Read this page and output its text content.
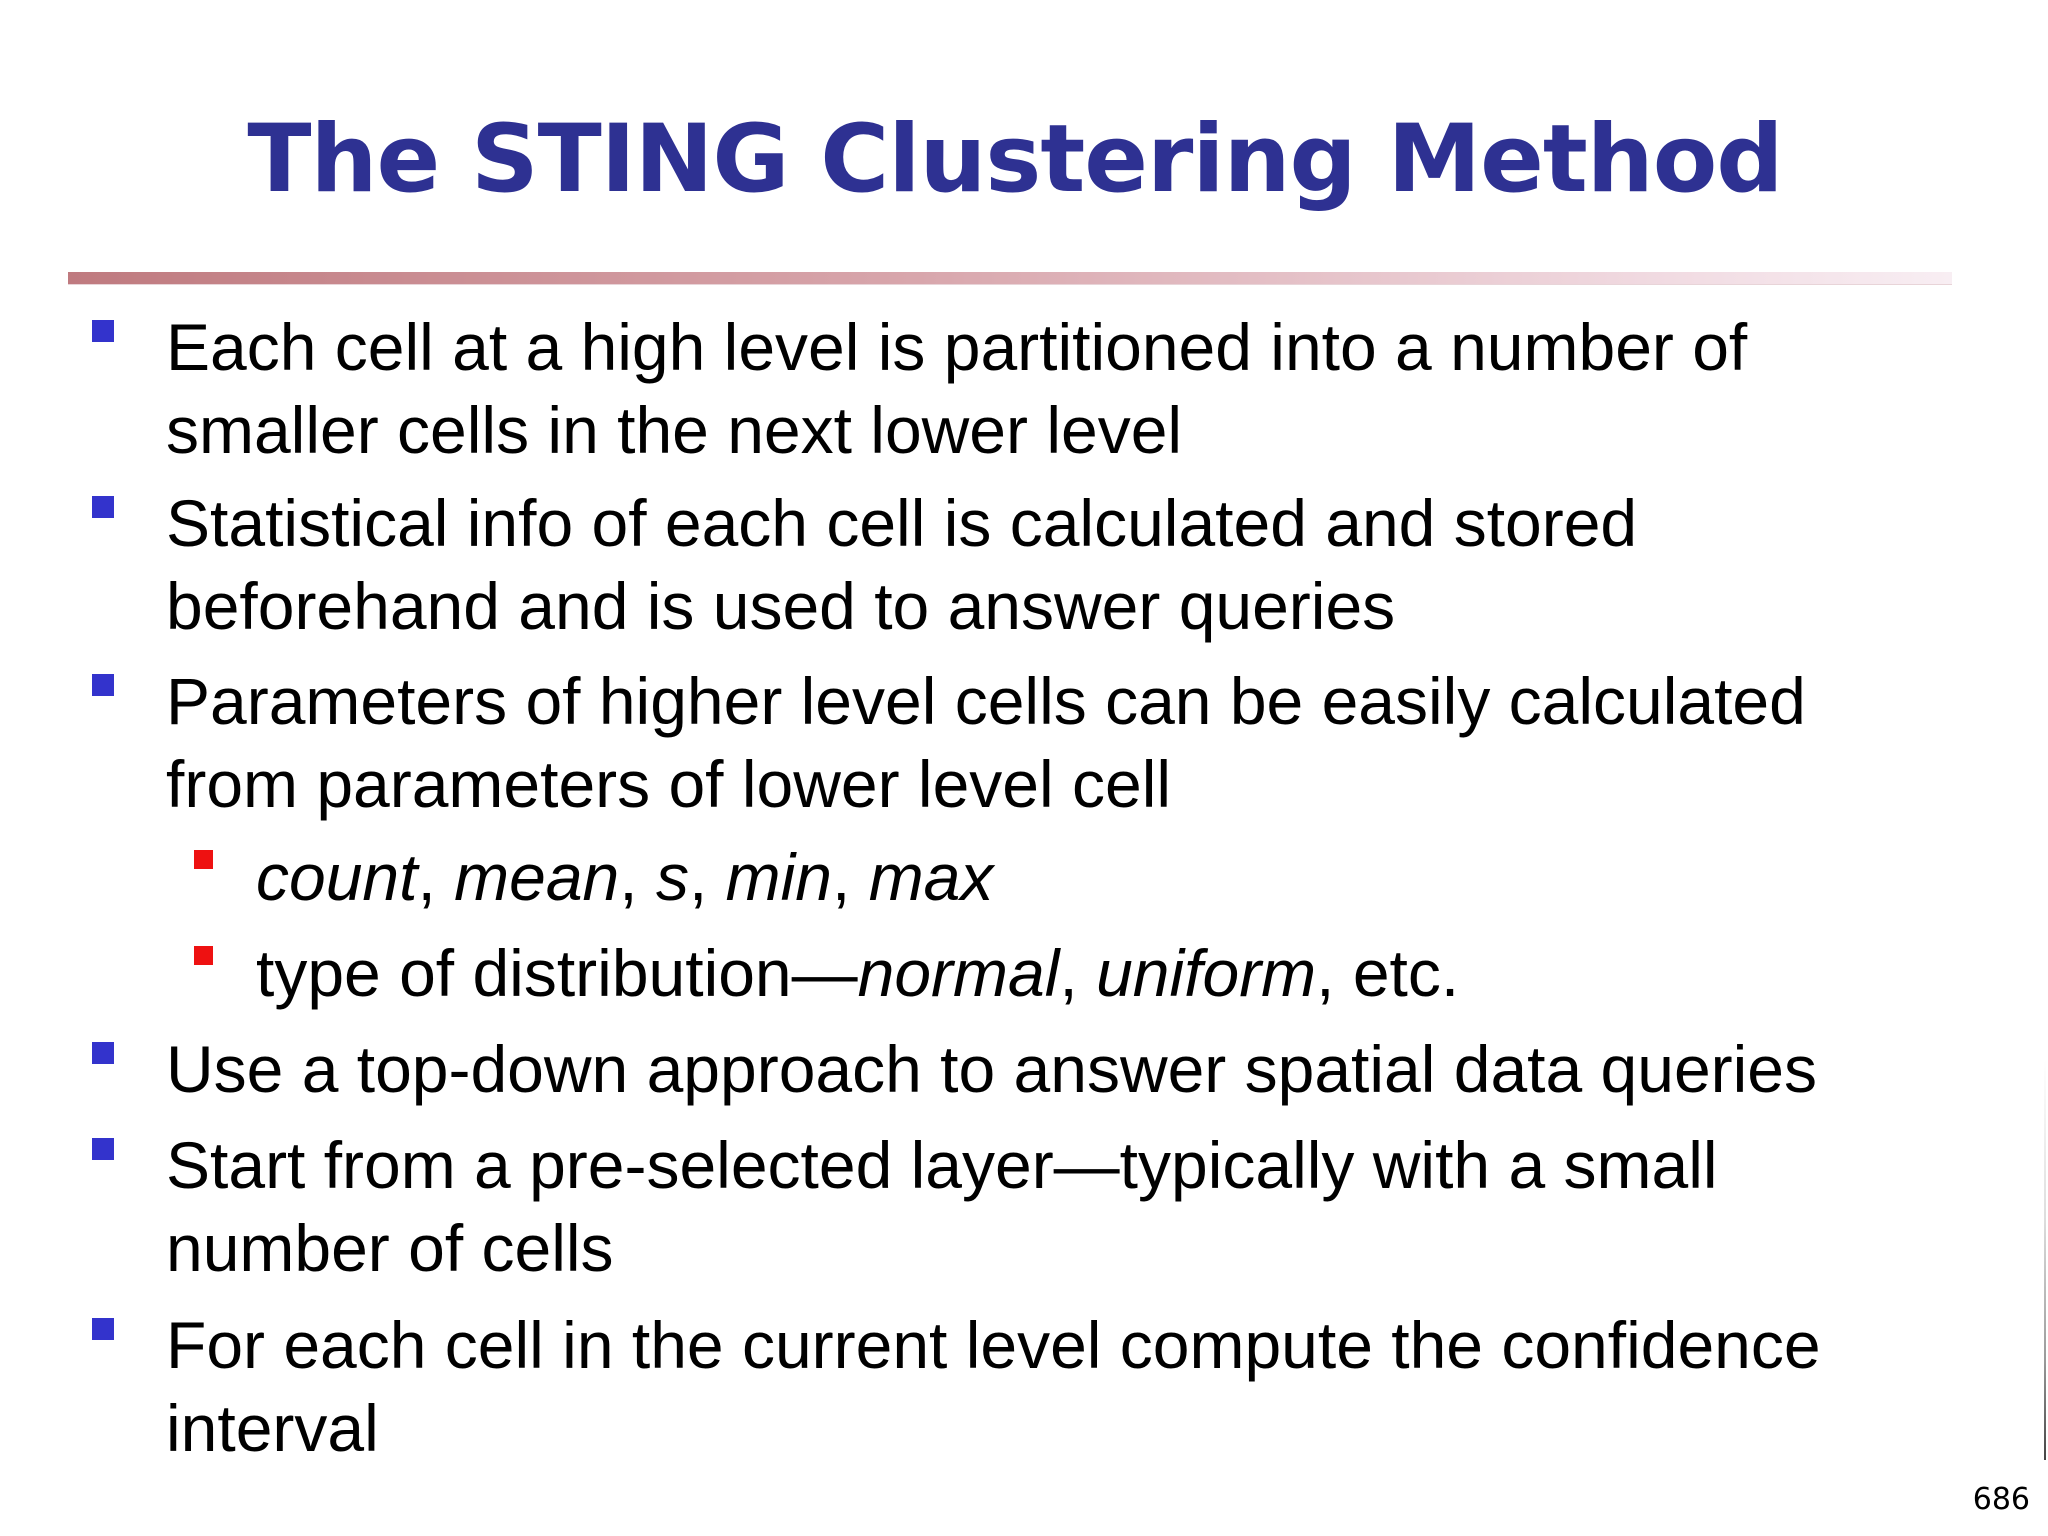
The STING Clustering Method
Each cell at a high level is partitioned into a number of smaller cells in the next lower level
Statistical info of each cell is calculated and stored beforehand and is used to answer queries
Parameters of higher level cells can be easily calculated from parameters of lower level cell
count, mean, s, min, max
type of distribution—normal, uniform, etc.
Use a top-down approach to answer spatial data queries
Start from a pre-selected layer—typically with a small number of cells
For each cell in the current level compute the confidence interval
686
